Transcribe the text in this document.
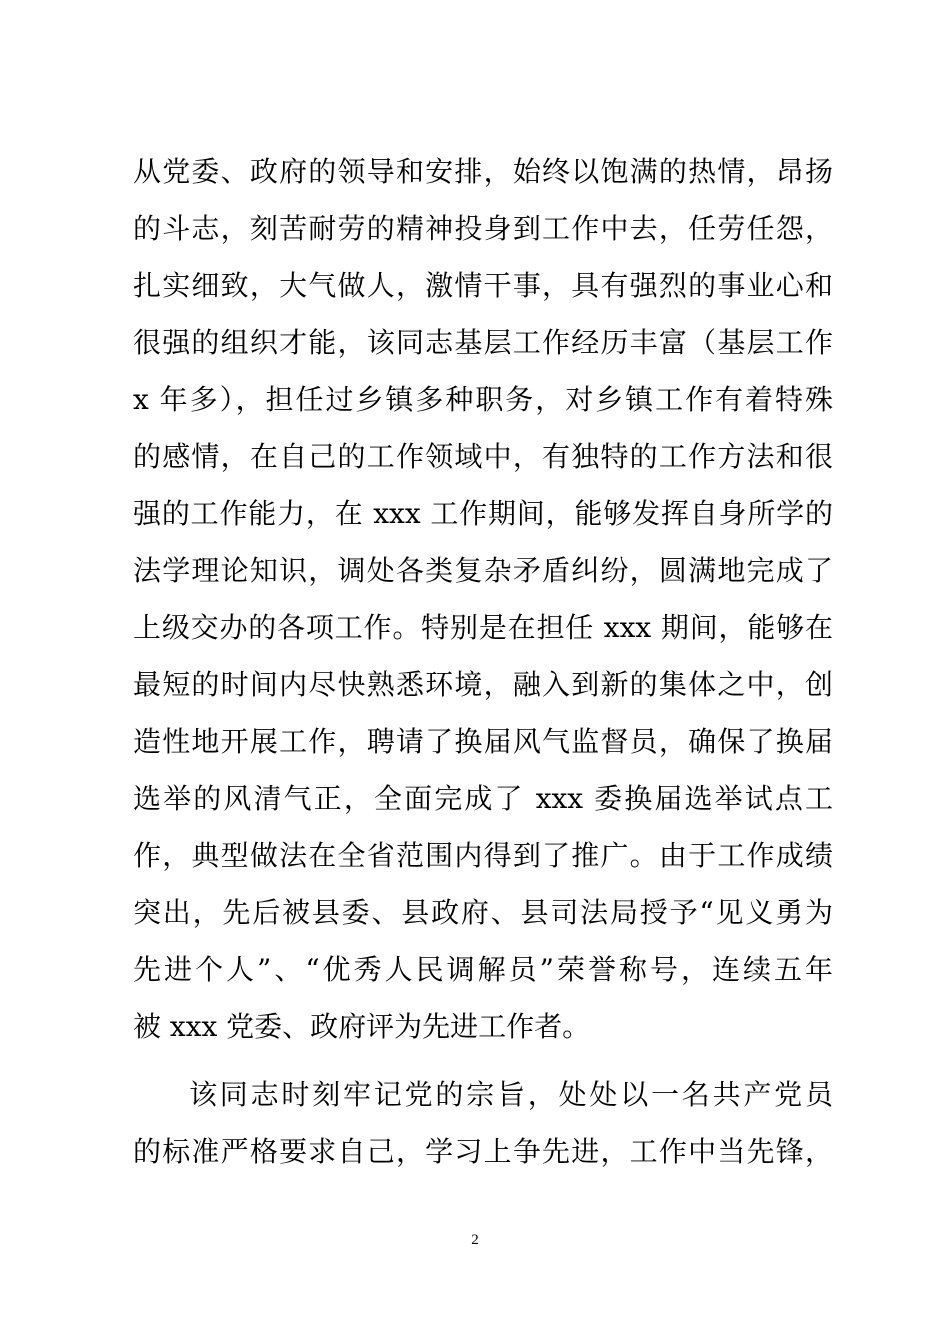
从党委、政府的领导和安排，始终以饱满的热情，昂扬
的斗志，刻苦耐劳的精神投身到工作中去，任劳任怨，
扎实细致，大气做人，激情干事，具有强烈的事业心和
很强的组织才能，该同志基层工作经历丰富（基层工作
x 年多），担任过乡镇多种职务，对乡镇工作有着特殊
的感情，在自己的工作领域中，有独特的工作方法和很
强的工作能力，在 xxx 工作期间，能够发挥自身所学的
法学理论知识，调处各类复杂矛盾纠纷，圆满地完成了
上级交办的各项工作。特别是在担任 xxx 期间，能够在
最短的时间内尽快熟悉环境，融入到新的集体之中，创
造性地开展工作，聘请了换届风气监督员，确保了换届
选举的风清气正，全面完成了 xxx 委换届选举试点工
作，典型做法在全省范围内得到了推广。由于工作成绩
突出，先后被县委、县政府、县司法局授予“见义勇为
先进个人”、“优秀人民调解员”荣誉称号，连续五年
被 xxx 党委、政府评为先进工作者。
该同志时刻牢记党的宗旨，处处以一名共产党员
的标准严格要求自己，学习上争先进，工作中当先锋，
2
